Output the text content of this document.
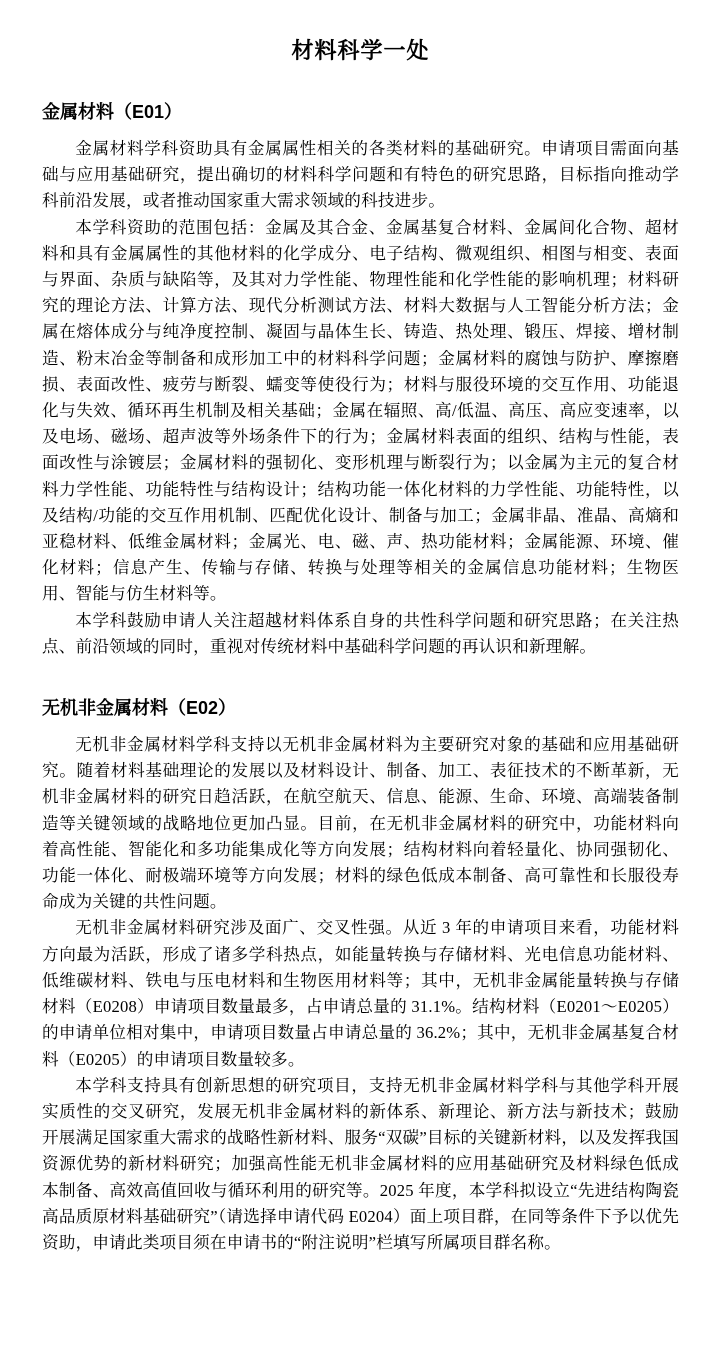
材料科学一处
金属材料（E01）

金属材料学科资助具有金属属性相关的各类材料的基础研究。申请项目需面向基础与应用基础研究，提出确切的材料科学问题和有特色的研究思路，目标指向推动学科前沿发展，或者推动国家重大需求领域的科技进步。

本学科资助的范围包括：金属及其合金、金属基复合材料、金属间化合物、超材料和具有金属属性的其他材料的化学成分、电子结构、微观组织、相图与相变、表面与界面、杂质与缺陷等，及其对力学性能、物理性能和化学性能的影响机理；材料研究的理论方法、计算方法、现代分析测试方法、材料大数据与人工智能分析方法；金属在熔体成分与纯净度控制、凝固与晶体生长、铸造、热处理、锻压、焊接、增材制造、粉末冶金等制备和成形加工中的材料科学问题；金属材料的腐蚀与防护、摩擦磨损、表面改性、疲劳与断裂、蠕变等使役行为；材料与服役环境的交互作用、功能退化与失效、循环再生机制及相关基础；金属在辐照、高/低温、高压、高应变速率，以及电场、磁场、超声波等外场条件下的行为；金属材料表面的组织、结构与性能，表面改性与涂镀层；金属材料的强韧化、变形机理与断裂行为；以金属为主元的复合材料力学性能、功能特性与结构设计；结构功能一体化材料的力学性能、功能特性，以及结构/功能的交互作用机制、匹配优化设计、制备与加工；金属非晶、准晶、高熵和亚稳材料、低维金属材料；金属光、电、磁、声、热功能材料；金属能源、环境、催化材料；信息产生、传输与存储、转换与处理等相关的金属信息功能材料；生物医用、智能与仿生材料等。

本学科鼓励申请人关注超越材料体系自身的共性科学问题和研究思路；在关注热点、前沿领域的同时，重视对传统材料中基础科学问题的再认识和新理解。

无机非金属材料（E02）

无机非金属材料学科支持以无机非金属材料为主要研究对象的基础和应用基础研究。随着材料基础理论的发展以及材料设计、制备、加工、表征技术的不断革新，无机非金属材料的研究日趋活跃，在航空航天、信息、能源、生命、环境、高端装备制造等关键领域的战略地位更加凸显。目前，在无机非金属材料的研究中，功能材料向着高性能、智能化和多功能集成化等方向发展；结构材料向着轻量化、协同强韧化、功能一体化、耐极端环境等方向发展；材料的绿色低成本制备、高可靠性和长服役寿命成为关键的共性问题。

无机非金属材料研究涉及面广、交叉性强。从近 3 年的申请项目来看，功能材料方向最为活跃，形成了诸多学科热点，如能量转换与存储材料、光电信息功能材料、低维碳材料、铁电与压电材料和生物医用材料等；其中，无机非金属能量转换与存储材料（E0208）申请项目数量最多，占申请总量的 31.1%。结构材料（E0201～E0205）的申请单位相对集中，申请项目数量占申请总量的 36.2%；其中，无机非金属基复合材料（E0205）的申请项目数量较多。

本学科支持具有创新思想的研究项目，支持无机非金属材料学科与其他学科开展实质性的交叉研究，发展无机非金属材料的新体系、新理论、新方法与新技术；鼓励开展满足国家重大需求的战略性新材料、服务“双碳”目标的关键新材料，以及发挥我国资源优势的新材料研究；加强高性能无机非金属材料的应用基础研究及材料绿色低成本制备、高效高值回收与循环利用的研究等。2025 年度，本学科拟设立“先进结构陶瓷高品质原材料基础研究”（请选择申请代码 E0204）面上项目群，在同等条件下予以优先资助，申请此类项目须在申请书的“附注说明”栏填写所属项目群名称。
